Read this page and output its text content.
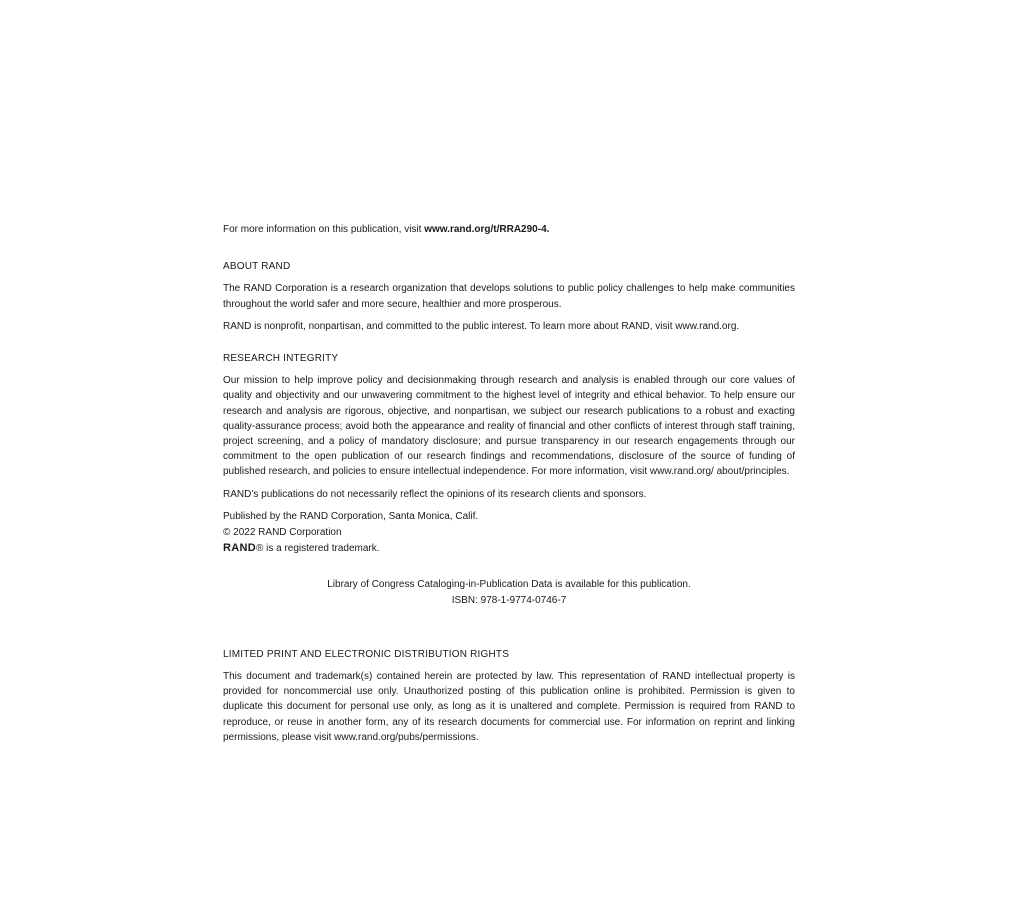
For more information on this publication, visit www.rand.org/t/RRA290-4.

ABOUT RAND

The RAND Corporation is a research organization that develops solutions to public policy challenges to help make communities throughout the world safer and more secure, healthier and more prosperous.

RAND is nonprofit, nonpartisan, and committed to the public interest. To learn more about RAND, visit www.rand.org.

RESEARCH INTEGRITY

Our mission to help improve policy and decisionmaking through research and analysis is enabled through our core values of quality and objectivity and our unwavering commitment to the highest level of integrity and ethical behavior. To help ensure our research and analysis are rigorous, objective, and nonpartisan, we subject our research publications to a robust and exacting quality-assurance process; avoid both the appearance and reality of financial and other conflicts of interest through staff training, project screening, and a policy of mandatory disclosure; and pursue transparency in our research engagements through our commitment to the open publication of our research findings and recommendations, disclosure of the source of funding of published research, and policies to ensure intellectual independence. For more information, visit www.rand.org/ about/principles.

RAND’s publications do not necessarily reflect the opinions of its research clients and sponsors.

Published by the RAND Corporation, Santa Monica, Calif.

© 2022 RAND Corporation

RAND® is a registered trademark.

Library of Congress Cataloging-in-Publication Data is available for this publication.

ISBN: 978-1-9774-0746-7

LIMITED PRINT AND ELECTRONIC DISTRIBUTION RIGHTS

This document and trademark(s) contained herein are protected by law. This representation of RAND intellectual property is provided for noncommercial use only. Unauthorized posting of this publication online is prohibited. Permission is given to duplicate this document for personal use only, as long as it is unaltered and complete. Permission is required from RAND to reproduce, or reuse in another form, any of its research documents for commercial use. For information on reprint and linking permissions, please visit www.rand.org/pubs/permissions.
